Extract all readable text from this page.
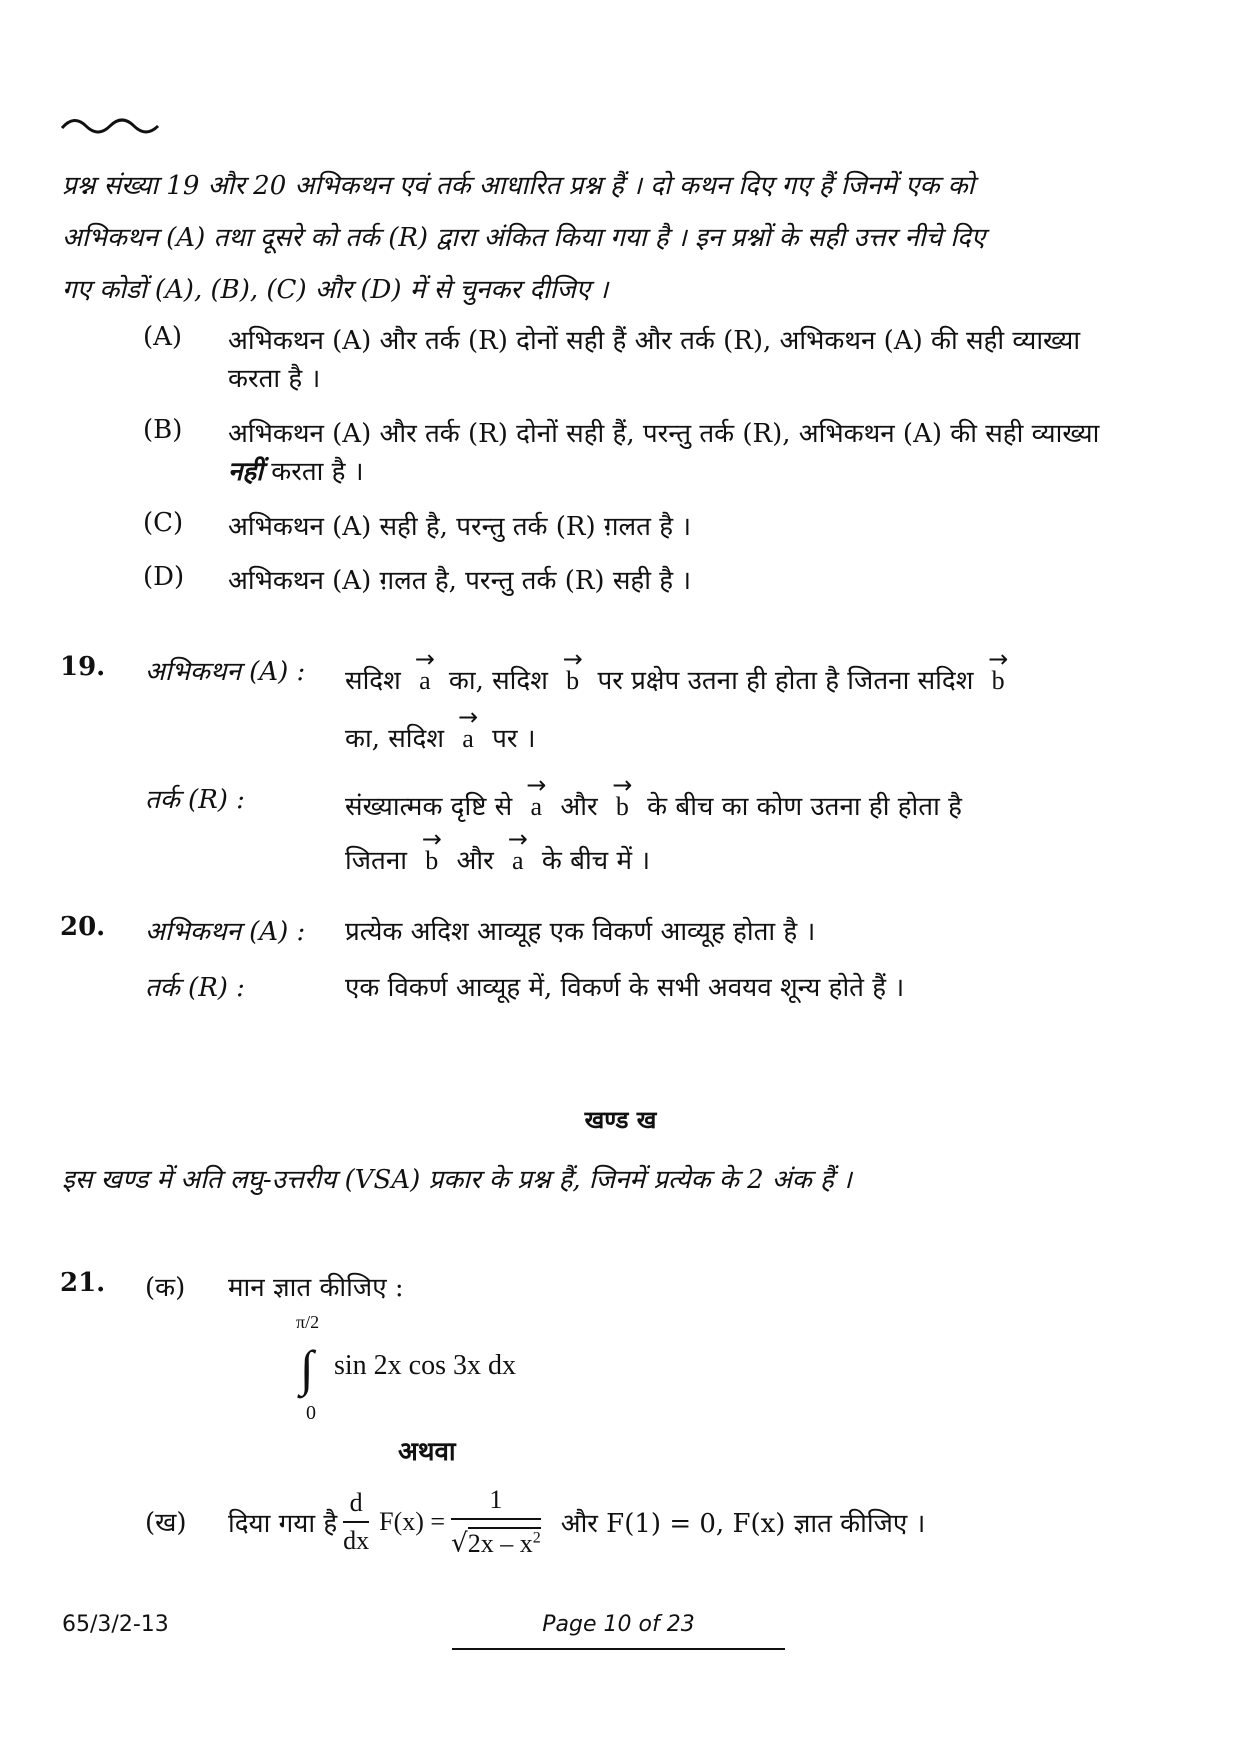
प्रश्न संख्या 19 और 20 अभिकथन एवं तर्क आधारित प्रश्न हैं । दो कथन दिए गए हैं जिनमें एक को
अभिकथन (A) तथा दूसरे को तर्क (R) द्वारा अंकित किया गया है । इन प्रश्नों के सही उत्तर नीचे दिए
गए कोडों (A), (B), (C) और (D) में से चुनकर दीजिए ।
(A) अभिकथन (A) और तर्क (R) दोनों सही हैं और तर्क (R), अभिकथन (A) की सही व्याख्या करता है ।
(B) अभिकथन (A) और तर्क (R) दोनों सही हैं, परन्तु तर्क (R), अभिकथन (A) की सही व्याख्या नहीं करता है ।
(C) अभिकथन (A) सही है, परन्तु तर्क (R) ग़लत है ।
(D) अभिकथन (A) ग़लत है, परन्तु तर्क (R) सही है ।
19. अभिकथन (A) : सदिश → a का, सदिश → b पर प्रक्षेप उतना ही होता है जितना सदिश → b
का, सदिश → a पर ।
तर्क (R) :	संख्यात्मक दृष्टि से → a और → b के बीच का कोण उतना ही होता है
जितना → b और → a के बीच में ।
20. अभिकथन (A) : प्रत्येक अदिश आव्यूह एक विकर्ण आव्यूह होता है ।
तर्क (R) :	एक विकर्ण आव्यूह में, विकर्ण के सभी अवयव शून्य होते हैं ।
खण्ड ख
इस खण्ड में अति लघु-उत्तरीय (VSA) प्रकार के प्रश्न हैं, जिनमें प्रत्येक के 2 अंक हैं ।
21. (क) मान ज्ञात कीजिए :
π/2
∫ sin 2x cos 3x dx
0
अथवा
(ख) दिया गया है $\frac{d}{dx} F(x) = \frac{1}{√2x - x^2}$ और F(1) = 0, F(x) ज्ञात कीजिए ।
65/3/2-13	Page 10 of 23
